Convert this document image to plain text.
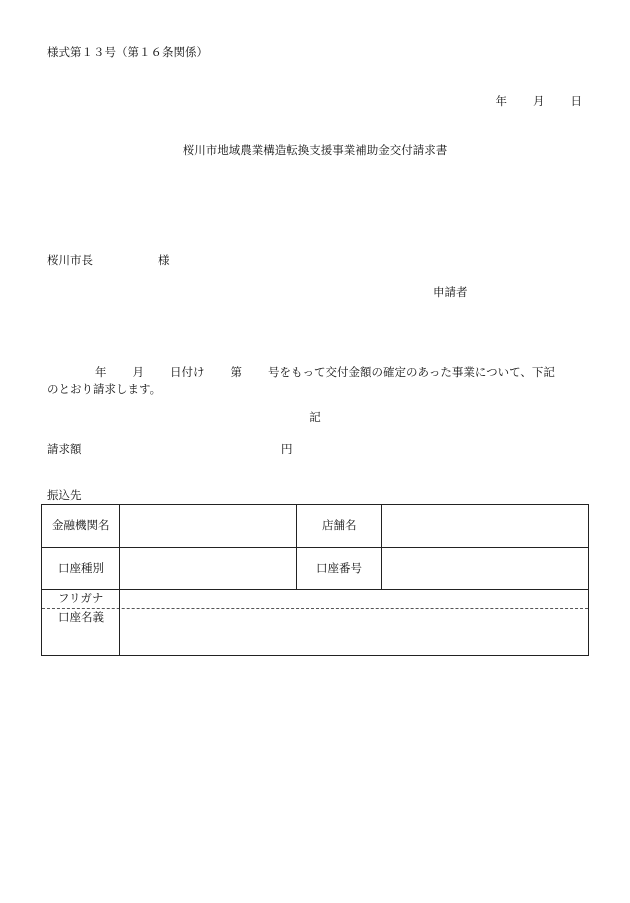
様式第１３号（第１６条関係）
年 月 日
桜川市地域農業構造転換支援事業補助金交付請求書
桜川市長	様
申請者
年 月 日付け 第 号をもって交付金額の確定のあった事業について、下記
のとおり請求します。
記
請求額	円
振込先
金融機関名	店舗名
口座種別	口座番号
フリガナ
口座名義
